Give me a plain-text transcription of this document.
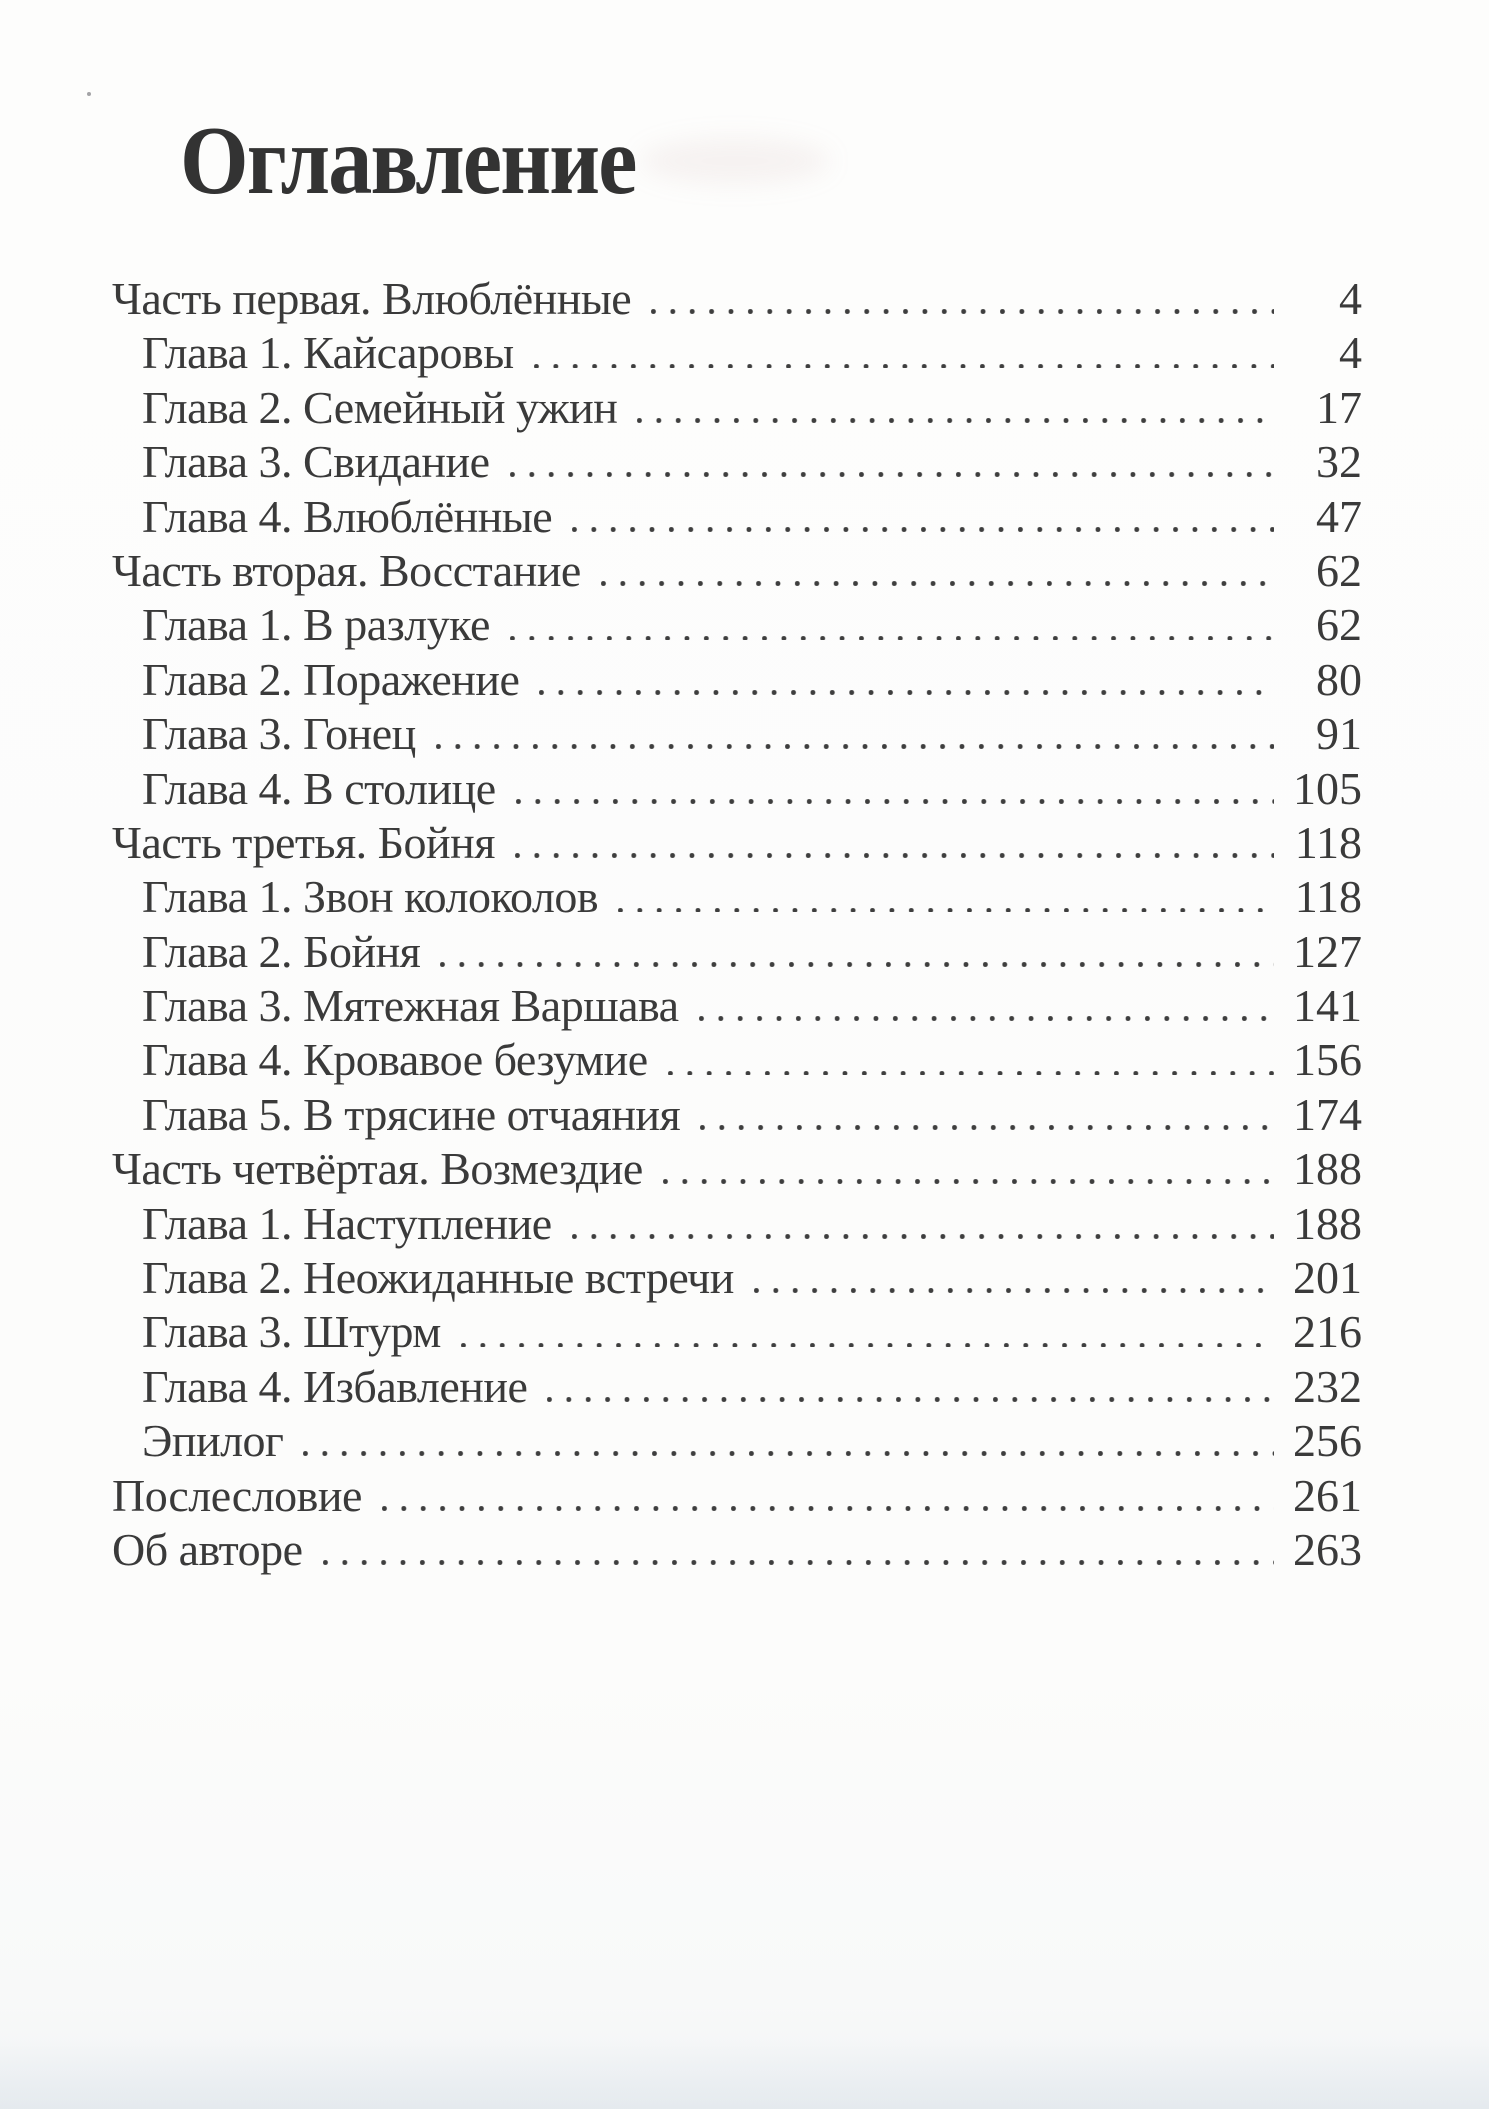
Оглавление
Часть первая. Влюблённые	4
Глава 1. Кайсаровы	4
Глава 2. Семейный ужин	17
Глава 3. Свидание	32
Глава 4. Влюблённые	47
Часть вторая. Восстание	62
Глава 1. В разлуке	62
Глава 2. Поражение	80
Глава 3. Гонец	91
Глава 4. В столице	105
Часть третья. Бойня	118
Глава 1. Звон колоколов	118
Глава 2. Бойня	127
Глава 3. Мятежная Варшава	141
Глава 4. Кровавое безумие	156
Глава 5. В трясине отчаяния	174
Часть четвёртая. Возмездие	188
Глава 1. Наступление	188
Глава 2. Неожиданные встречи	201
Глава 3. Штурм	216
Глава 4. Избавление	232
Эпилог	256
Послесловие	261
Об авторе	263
